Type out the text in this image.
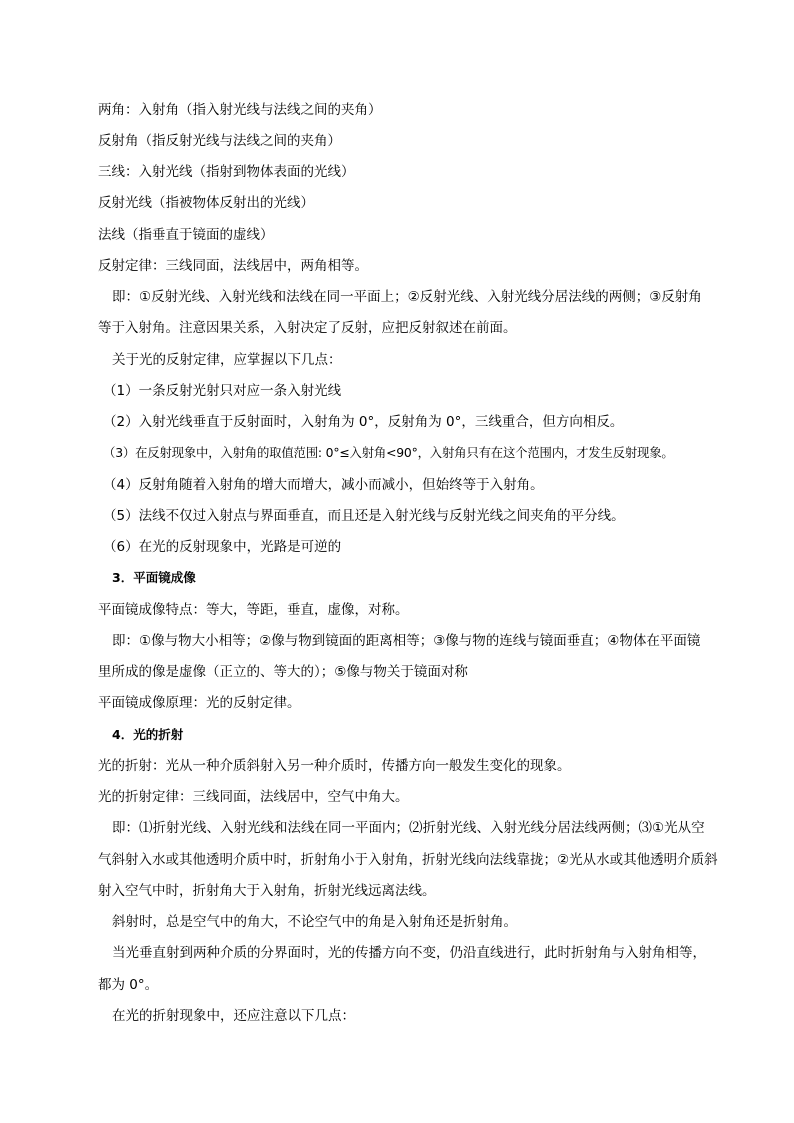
两角：入射角（指入射光线与法线之间的夹角）
反射角（指反射光线与法线之间的夹角）
三线：入射光线（指射到物体表面的光线）
反射光线（指被物体反射出的光线）
法线（指垂直于镜面的虚线）
反射定律：三线同面，法线居中，两角相等。
即：①反射光线、入射光线和法线在同一平面上；②反射光线、入射光线分居法线的两侧；③反射角
等于入射角。注意因果关系，入射决定了反射，应把反射叙述在前面。
关于光的反射定律，应掌握以下几点：
（1）一条反射光射只对应一条入射光线
（2）入射光线垂直于反射面时，入射角为 0°，反射角为 0°，三线重合，但方向相反。
（3）在反射现象中，入射角的取值范围: 0°≤入射角<90°，入射角只有在这个范围内，才发生反射现象。
（4）反射角随着入射角的增大而增大，减小而减小，但始终等于入射角。
（5）法线不仅过入射点与界面垂直，而且还是入射光线与反射光线之间夹角的平分线。
（6）在光的反射现象中，光路是可逆的
3．平面镜成像
平面镜成像特点：等大，等距，垂直，虚像，对称。
即：①像与物大小相等；②像与物到镜面的距离相等；③像与物的连线与镜面垂直；④物体在平面镜
里所成的像是虚像（正立的、等大的）；⑤像与物关于镜面对称
平面镜成像原理：光的反射定律。
4．光的折射
光的折射：光从一种介质斜射入另一种介质时，传播方向一般发生变化的现象。
光的折射定律：三线同面，法线居中，空气中角大。
即：⑴折射光线、入射光线和法线在同一平面内；⑵折射光线、入射光线分居法线两侧；⑶①光从空
气斜射入水或其他透明介质中时，折射角小于入射角，折射光线向法线靠拢；②光从水或其他透明介质斜
射入空气中时，折射角大于入射角，折射光线远离法线。
斜射时，总是空气中的角大，不论空气中的角是入射角还是折射角。
当光垂直射到两种介质的分界面时，光的传播方向不变，仍沿直线进行，此时折射角与入射角相等，
都为 0°。
在光的折射现象中，还应注意以下几点：
